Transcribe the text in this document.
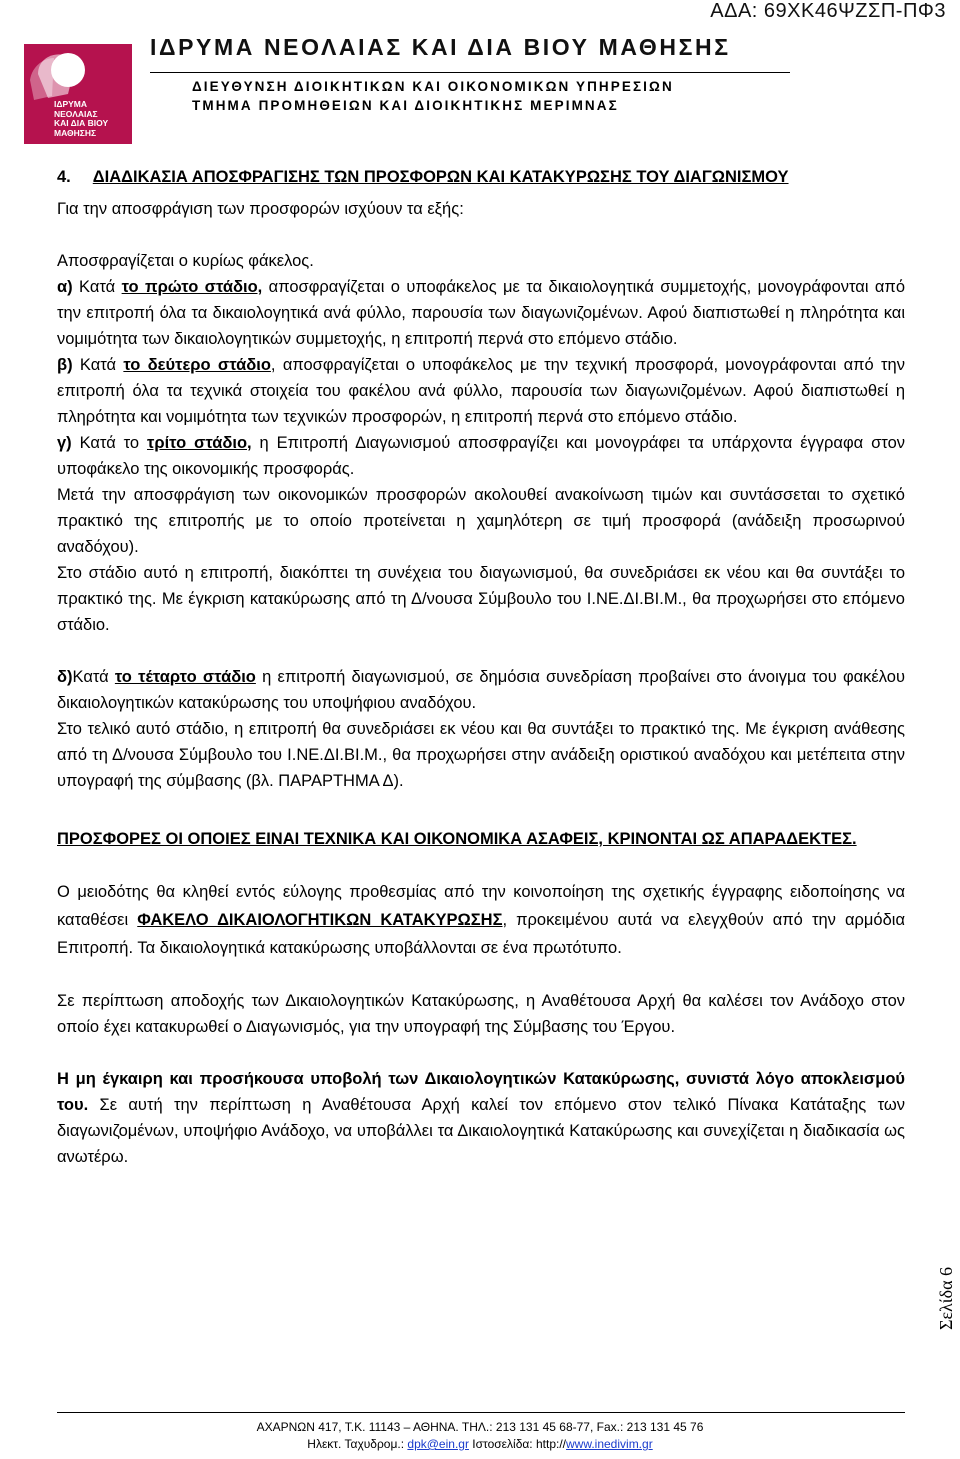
ΑΔΑ: 69ΧΚ46ΨΖΣΠ-ΠΦ3
ΙΔΡΥΜΑ
ΝΕΟΛΑΙΑΣ
ΚΑΙ ΔΙΑ ΒΙΟΥ
ΜΑΘΗΣΗΣ
ΙΔΡΥΜΑ ΝΕΟΛΑΙΑΣ ΚΑΙ ΔΙΑ ΒΙΟΥ ΜΑΘΗΣΗΣ
ΔΙΕΥΘΥΝΣΗ ΔΙΟΙΚΗΤΙΚΩΝ ΚΑΙ ΟΙΚΟΝΟΜΙΚΩΝ ΥΠΗΡΕΣΙΩΝ
ΤΜΗΜΑ ΠΡΟΜΗΘΕΙΩΝ ΚΑΙ ΔΙΟΙΚΗΤΙΚΗΣ ΜΕΡΙΜΝΑΣ
4. ΔΙΑΔΙΚΑΣΙΑ ΑΠΟΣΦΡΑΓΙΣΗΣ ΤΩΝ ΠΡΟΣΦΟΡΩΝ ΚΑΙ ΚΑΤΑΚΥΡΩΣΗΣ ΤΟΥ ΔΙΑΓΩΝΙΣΜΟΥ

Για την αποσφράγιση των προσφορών ισχύουν τα εξής:

Αποσφραγίζεται ο κυρίως φάκελος.

α) Κατά το πρώτο στάδιο, αποσφραγίζεται ο υποφάκελος με τα δικαιολογητικά συμμετοχής, μονογράφονται από την επιτροπή όλα τα δικαιολογητικά ανά φύλλο, παρουσία των διαγωνιζομένων. Αφού διαπιστωθεί η πληρότητα και νομιμότητα των δικαιολογητικών συμμετοχής, η επιτροπή περνά στο επόμενο στάδιο.

β) Κατά το δεύτερο στάδιο, αποσφραγίζεται ο υποφάκελος με την τεχνική προσφορά, μονογράφονται από την επιτροπή όλα τα τεχνικά στοιχεία του φακέλου ανά φύλλο, παρουσία των διαγωνιζομένων. Αφού διαπιστωθεί η πληρότητα και νομιμότητα των τεχνικών προσφορών, η επιτροπή περνά στο επόμενο στάδιο.

γ) Κατά το τρίτο στάδιο, η Επιτροπή Διαγωνισμού αποσφραγίζει και μονογράφει τα υπάρχοντα έγγραφα στον υποφάκελο της οικονομικής προσφοράς.

Μετά την αποσφράγιση των οικονομικών προσφορών ακολουθεί ανακοίνωση τιμών και συντάσσεται το σχετικό πρακτικό της επιτροπής με το οποίο προτείνεται η χαμηλότερη σε τιμή προσφορά (ανάδειξη προσωρινού αναδόχου).

Στο στάδιο αυτό η επιτροπή, διακόπτει τη συνέχεια του διαγωνισμού, θα συνεδριάσει εκ νέου και θα συντάξει το πρακτικό της. Με έγκριση κατακύρωσης από τη Δ/νουσα Σύμβουλο του Ι.ΝΕ.ΔΙ.ΒΙ.Μ., θα προχωρήσει στο επόμενο στάδιο.

δ)Κατά το τέταρτο στάδιο η επιτροπή διαγωνισμού, σε δημόσια συνεδρίαση προβαίνει στο άνοιγμα του φακέλου δικαιολογητικών κατακύρωσης του υποψήφιου αναδόχου.

Στο τελικό αυτό στάδιο, η επιτροπή θα συνεδριάσει εκ νέου και θα συντάξει το πρακτικό της. Με έγκριση ανάθεσης από τη Δ/νουσα Σύμβουλο του Ι.ΝΕ.ΔΙ.ΒΙ.Μ., θα προχωρήσει στην ανάδειξη οριστικού αναδόχου και μετέπειτα στην υπογραφή της σύμβασης (βλ. ΠΑΡΑΡΤΗΜΑ Δ).

ΠΡΟΣΦΟΡΕΣ ΟΙ ΟΠΟΙΕΣ ΕΙΝΑΙ ΤΕΧΝΙΚΑ ΚΑΙ ΟΙΚΟΝΟΜΙΚΑ ΑΣΑΦΕΙΣ, ΚΡΙΝΟΝΤΑΙ ΩΣ ΑΠΑΡΑΔΕΚΤΕΣ.

Ο μειοδότης θα κληθεί εντός εύλογης προθεσμίας από την κοινοποίηση της σχετικής έγγραφης ειδοποίησης να καταθέσει ΦΑΚΕΛΟ ΔΙΚΑΙΟΛΟΓΗΤΙΚΩΝ ΚΑΤΑΚΥΡΩΣΗΣ, προκειμένου αυτά να ελεγχθούν από την αρμόδια Επιτροπή. Τα δικαιολογητικά κατακύρωσης υποβάλλονται σε ένα πρωτότυπο.

Σε περίπτωση αποδοχής των Δικαιολογητικών Κατακύρωσης, η Αναθέτουσα Αρχή θα καλέσει τον Ανάδοχο στον οποίο έχει κατακυρωθεί ο Διαγωνισμός, για την υπογραφή της Σύμβασης του Έργου.

Η μη έγκαιρη και προσήκουσα υποβολή των Δικαιολογητικών Κατακύρωσης, συνιστά λόγο αποκλεισμού του. Σε αυτή την περίπτωση η Αναθέτουσα Αρχή καλεί τον επόμενο στον τελικό Πίνακα Κατάταξης των διαγωνιζομένων, υποψήφιο Ανάδοχο, να υποβάλλει τα Δικαιολογητικά Κατακύρωσης και συνεχίζεται η διαδικασία ως ανωτέρω.

Σελίδα 6
ΑΧΑΡΝΩΝ 417, Τ.Κ. 11143 – ΑΘΗΝΑ. ΤΗΛ.: 213 131 45 68-77, Fax.: 213 131 45 76
Ηλεκτ. Ταχυδρομ.: dpk@ein.gr Ιστοσελίδα: http://www.inedivim.gr
